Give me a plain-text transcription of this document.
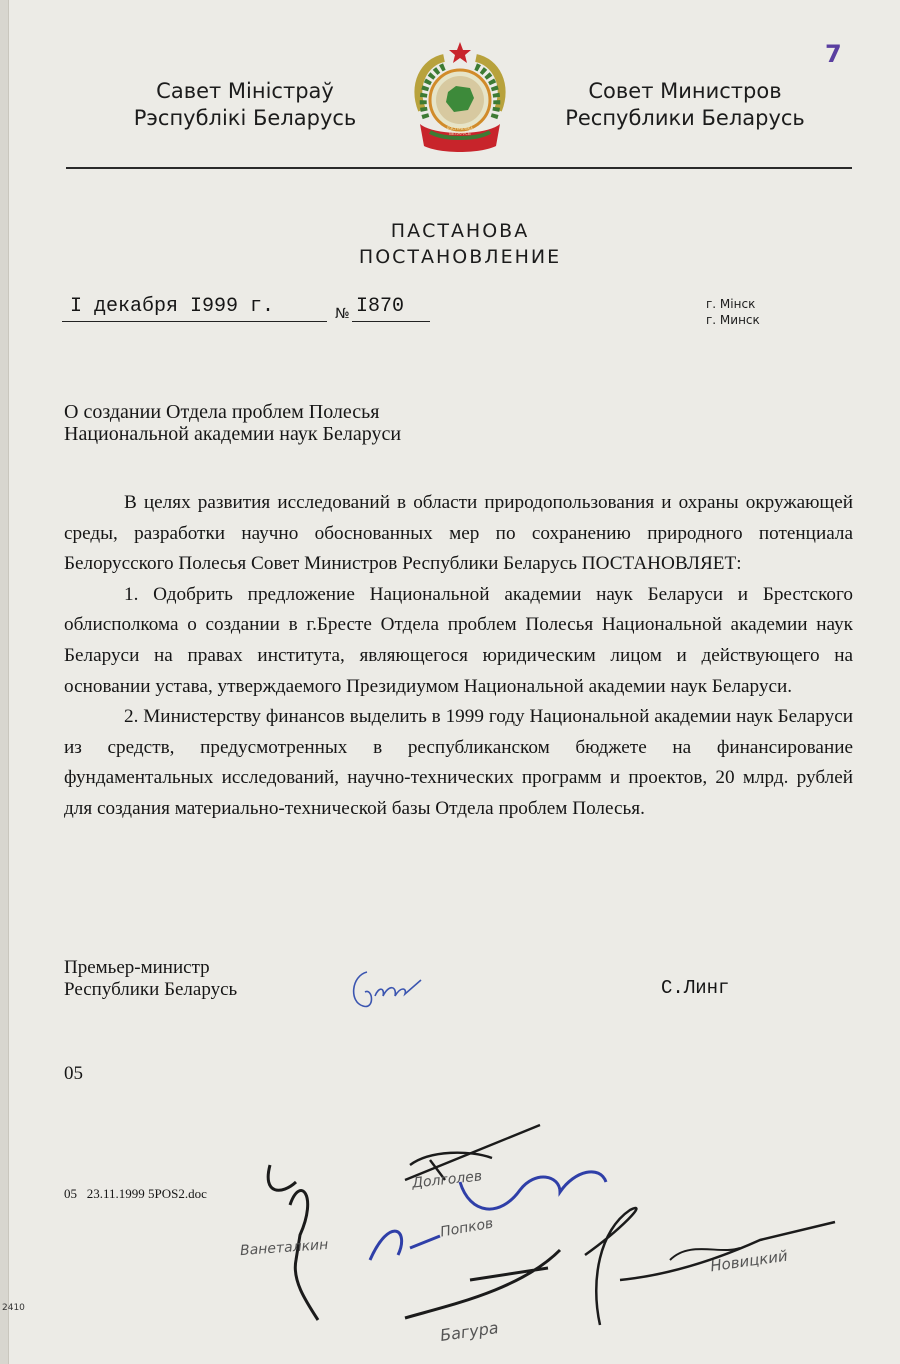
7
Савет Міністраў
Рэспублікі Беларусь	РЭСПУБЛІКА БЕЛАРУСЬ
Совет Министров
Республики Беларусь
ПАСТАНОВА
ПОСТАНОВЛЕНИЕ
I декабря I999 г.	№ I870	г. Мінск
г. Минск
О создании Отдела проблем Полесья
Национальной академии наук Беларуси

В целях развития исследований в области природопользования и охраны окружающей среды, разработки научно обоснованных мер по сохранению природного потенциала Белорусского Полесья Совет Министров Республики Беларусь ПОСТАНОВЛЯЕТ:

1. Одобрить предложение Национальной академии наук Беларуси и Брестского облисполкома о создании в г.Бресте Отдела проблем Полесья Национальной академии наук Беларуси на правах института, являющегося юридическим лицом и действующего на основании устава, утверждаемого Президиумом Национальной академии наук Беларуси.

2. Министерству финансов выделить в 1999 году Национальной академии наук Беларуси из средств, предусмотренных в республиканском бюджете на финансирование фундаментальных исследований, научно-технических программ и проектов, 20 млрд. рублей для создания материально-технической базы Отдела проблем Полесья.

Премьер-министр
Республики Беларусь	С.Линг
05
05   23.11.1999 5POS2.doc
Ванеталкин
Долголев
Попков
Багура
Новицкий
2410
